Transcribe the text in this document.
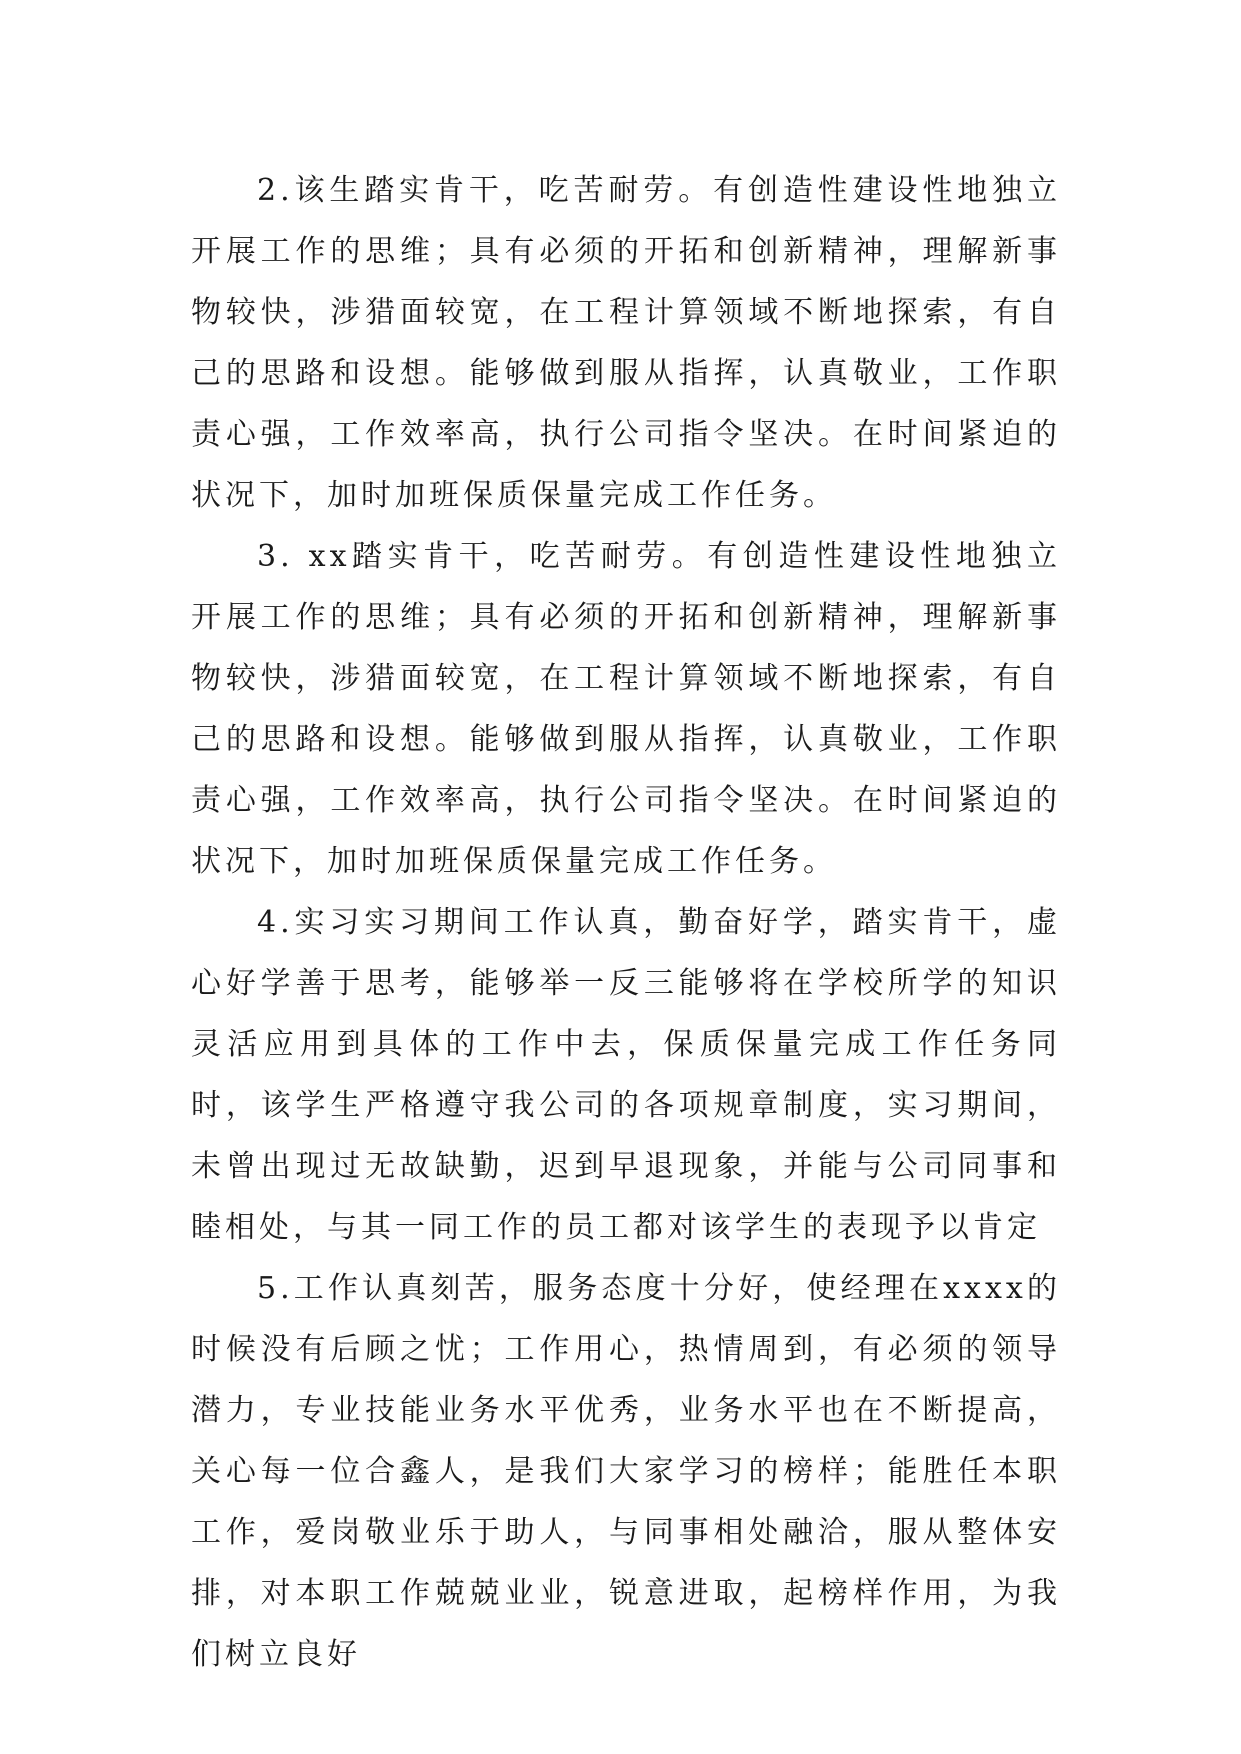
2.该生踏实肯干，吃苦耐劳。有创造性建设性地独立开展工作的思维；具有必须的开拓和创新精神，理解新事物较快，涉猎面较宽，在工程计算领域不断地探索，有自己的思路和设想。能够做到服从指挥，认真敬业，工作职责心强，工作效率高，执行公司指令坚决。在时间紧迫的状况下，加时加班保质保量完成工作任务。

3. xx踏实肯干，吃苦耐劳。有创造性建设性地独立开展工作的思维；具有必须的开拓和创新精神，理解新事物较快，涉猎面较宽，在工程计算领域不断地探索，有自己的思路和设想。能够做到服从指挥，认真敬业，工作职责心强，工作效率高，执行公司指令坚决。在时间紧迫的状况下，加时加班保质保量完成工作任务。

4.实习实习期间工作认真，勤奋好学，踏实肯干，虚心好学善于思考，能够举一反三能够将在学校所学的知识灵活应用到具体的工作中去，保质保量完成工作任务同时，该学生严格遵守我公司的各项规章制度，实习期间，未曾出现过无故缺勤，迟到早退现象，并能与公司同事和睦相处，与其一同工作的员工都对该学生的表现予以肯定

5.工作认真刻苦，服务态度十分好，使经理在xxxx的时候没有后顾之忧；工作用心，热情周到，有必须的领导潜力，专业技能业务水平优秀，业务水平也在不断提高，关心每一位合鑫人，是我们大家学习的榜样；能胜任本职工作，爱岗敬业乐于助人，与同事相处融洽，服从整体安排，对本职工作兢兢业业，锐意进取，起榜样作用，为我们树立良好
